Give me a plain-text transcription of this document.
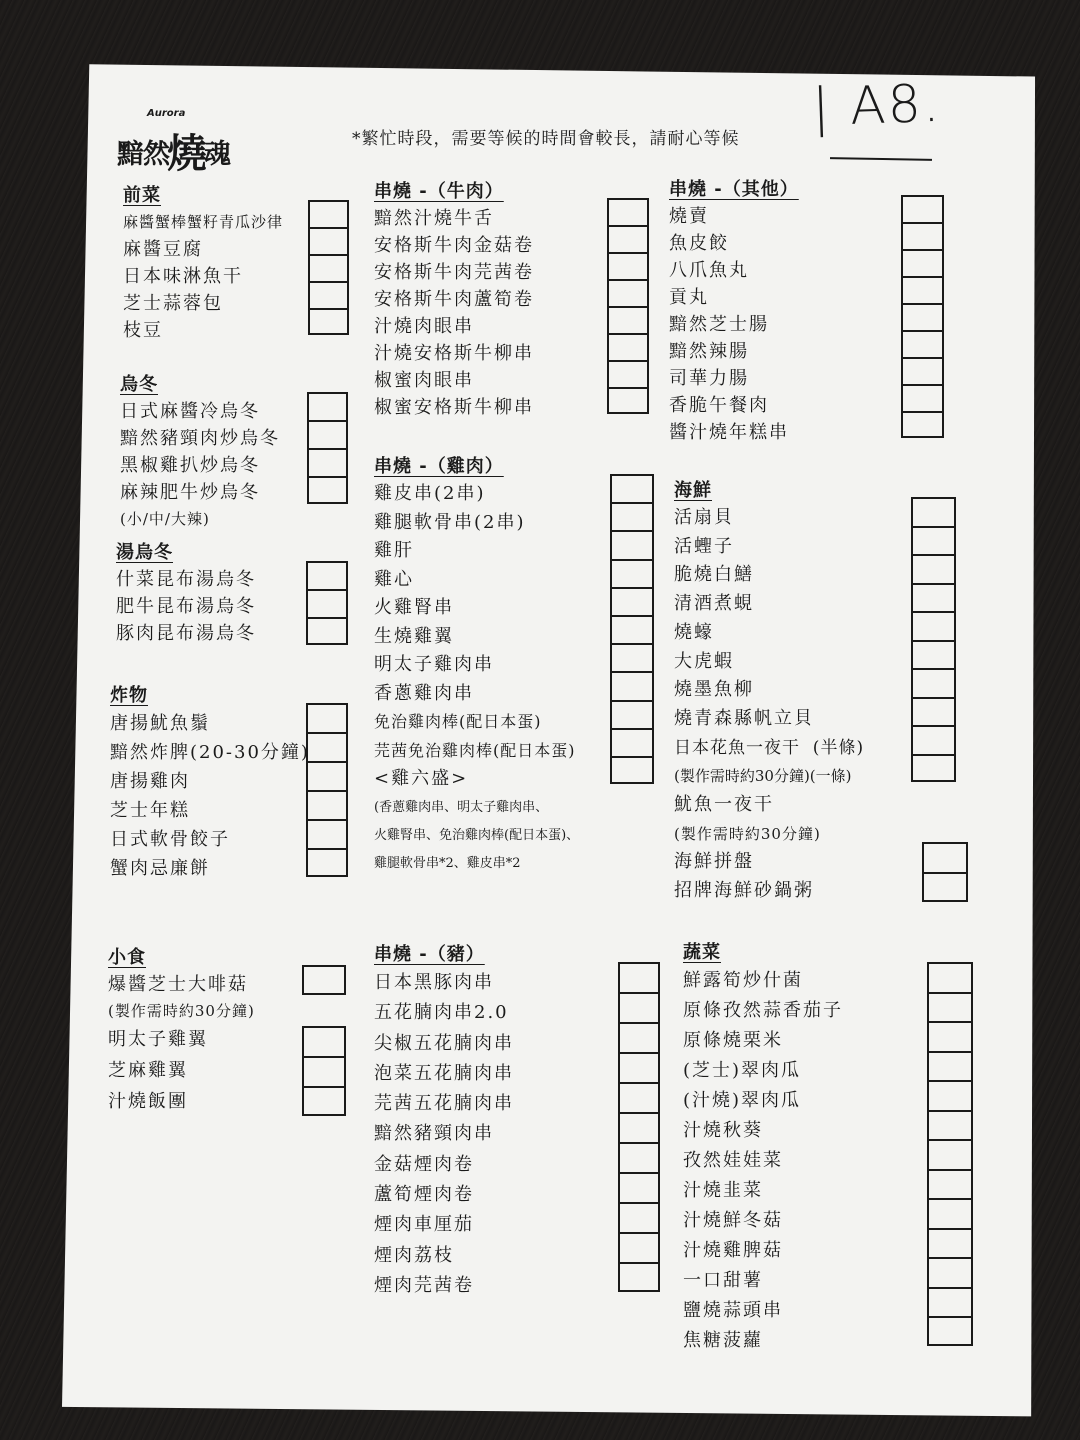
Aurora
黯然燒魂	*繁忙時段，需要等候的時間會較長，請耐心等候
| A8.
前菜
麻醬蟹棒蟹籽青瓜沙律
麻醬豆腐
日本味淋魚干
芝士蒜蓉包
枝豆
烏冬
日式麻醬冷烏冬
黯然豬頸肉炒烏冬
黑椒雞扒炒烏冬
麻辣肥牛炒烏冬
(小/中/大辣)
湯烏冬
什菜昆布湯烏冬
肥牛昆布湯烏冬
豚肉昆布湯烏冬
炸物
唐揚魷魚鬚
黯然炸脾(20-30分鐘)
唐揚雞肉
芝士年糕
日式軟骨餃子
蟹肉忌廉餅
小食
爆醬芝士大啡菇
(製作需時約30分鐘)
明太子雞翼
芝麻雞翼
汁燒飯團
串燒 -（牛肉）
黯然汁燒牛舌
安格斯牛肉金菇卷
安格斯牛肉芫茜卷
安格斯牛肉蘆筍卷
汁燒肉眼串
汁燒安格斯牛柳串
椒蜜肉眼串
椒蜜安格斯牛柳串
串燒 -（雞肉）
雞皮串(2串)
雞腿軟骨串(2串)
雞肝
雞心
火雞腎串
生燒雞翼
明太子雞肉串
香蔥雞肉串
免治雞肉棒(配日本蛋)
芫茜免治雞肉棒(配日本蛋)
<雞六盛>
(香蔥雞肉串、明太子雞肉串、
火雞腎串、免治雞肉棒(配日本蛋)、
雞腿軟骨串*2、雞皮串*2
串燒 -（豬）
日本黑豚肉串
五花腩肉串2.0
尖椒五花腩肉串
泡菜五花腩肉串
芫茜五花腩肉串
黯然豬頸肉串
金菇煙肉卷
蘆筍煙肉卷
煙肉車厘茄
煙肉荔枝
煙肉芫茜卷
串燒 -（其他）
燒賣
魚皮餃
八爪魚丸
貢丸
黯然芝士腸
黯然辣腸
司華力腸
香脆午餐肉
醬汁燒年糕串
海鮮
活扇貝
活蟶子
脆燒白鱔
清酒煮蜆
燒蠔
大虎蝦
燒墨魚柳
燒青森縣帆立貝
日本花魚一夜干  (半條)
(製作需時約30分鐘)(一條)
魷魚一夜干
(製作需時約30分鐘)
海鮮拼盤
招牌海鮮砂鍋粥
蔬菜
鮮露筍炒什菌
原條孜然蒜香茄子
原條燒栗米
(芝士)翠肉瓜
(汁燒)翠肉瓜
汁燒秋葵
孜然娃娃菜
汁燒韭菜
汁燒鮮冬菇
汁燒雞脾菇
一口甜薯
鹽燒蒜頭串
焦糖菠蘿
